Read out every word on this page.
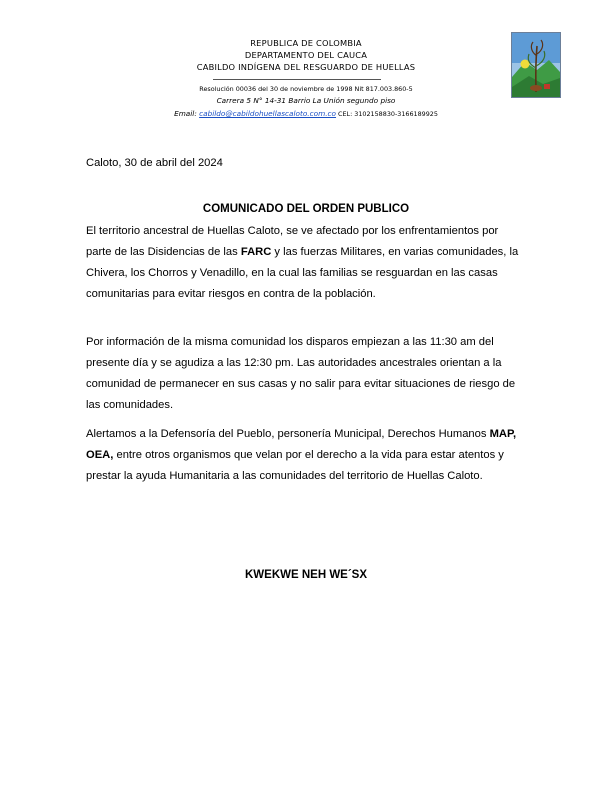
REPUBLICA DE COLOMBIA
DEPARTAMENTO DEL CAUCA
CABILDO INDÍGENA DEL RESGUARDO DE HUELLAS
Resolución 00036 del 30 de noviembre de 1998 Nit 817.003.860-5
Carrera 5 N° 14-31 Barrio La Unión segundo piso
Email: cabildo@cabildohuellascaloto.com.co CEL: 3102158830-3166189925
Caloto, 30 de abril del 2024
COMUNICADO DEL ORDEN PUBLICO
El territorio ancestral de Huellas Caloto, se ve afectado por los enfrentamientos por parte de las Disidencias de las FARC y las fuerzas Militares, en varias comunidades, la Chivera, los Chorros y Venadillo, en la cual las familias se resguardan en las casas comunitarias para evitar riesgos en contra de la población.
Por información de la misma comunidad los disparos empiezan a las 11:30 am del presente día y se agudiza a las 12:30 pm. Las autoridades ancestrales orientan a la comunidad de permanecer en sus casas y no salir para evitar situaciones de riesgo de las comunidades.
Alertamos a la Defensoría del Pueblo, personería Municipal, Derechos Humanos MAP, OEA, entre otros organismos que velan por el derecho a la vida para estar atentos y prestar la ayuda Humanitaria a las comunidades del territorio de Huellas Caloto.
KWEKWE NEH WE´SX
